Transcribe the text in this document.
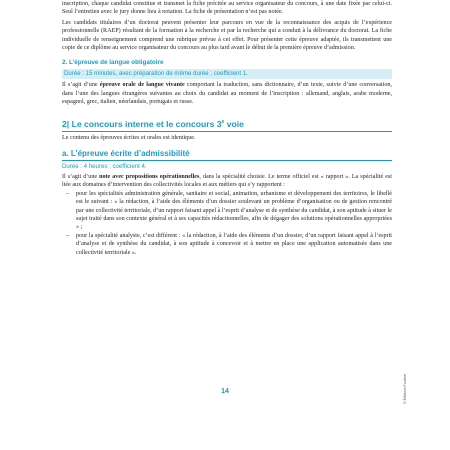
inscription, chaque candidat constitue et transmet la fiche précitée au service organisateur du concours, à une date fixée par celui-ci. Seul l’entretien avec le jury donne lieu à notation. La fiche de présentation n’est pas notée.

Les candidats titulaires d’un doctorat peuvent présenter leur parcours en vue de la reconnaissance des acquis de l’expérience professionnelle (RAEP) résultant de la formation à la recherche et par la recherche qui a conduit à la délivrance du doctorat. La fiche individuelle de renseignement comprend une rubrique prévue à cet effet. Pour présenter cette épreuve adaptée, ils transmettent une copie de ce diplôme au service organisateur du concours au plus tard avant le début de la première épreuve d’admission.

2. L’épreuve de langue obligatoire
Durée : 15 minutes, avec préparation de même durée ; coefficient 1.

Il s’agit d’une épreuve orale de langue vivante comportant la traduction, sans dictionnaire, d’un texte, suivie d’une conversation, dans l’une des langues étrangères suivantes au choix du candidat au moment de l’inscription : allemand, anglais, arabe moderne, espagnol, grec, italien, néerlandais, portugais et russe.

2| Le concours interne et le concours 3e voie

Le contenu des épreuves écrites et orales est identique.

a. L’épreuve écrite d’admissibilité
Durée : 4 heures ; coefficient 4.

Il s’agit d’une note avec propositions opérationnelles, dans la spécialité choisie. Le terme officiel est « rapport ». La spécialité est liée aux domaines d’intervention des collectivités locales et aux métiers qui s’y rapportent :

– pour les spécialités administration générale, sanitaire et social, animation, urbanisme et développement des territoires, le libellé est le suivant : « la rédaction, à l’aide des éléments d’un dossier soulevant un problème d’organisation ou de gestion rencontré par une collectivité territoriale, d’un rapport faisant appel à l’esprit d’analyse et de synthèse du candidat, à son aptitude à situer le sujet traité dans son contexte général et à ses capacités rédactionnelles, afin de dégager des solutions opérationnelles appropriées » ;
– pour la spécialité analyste, c’est différent : « la rédaction, à l’aide des éléments d’un dossier, d’un rapport faisant appel à l’esprit d’analyse et de synthèse du candidat, à son aptitude à concevoir et à mettre en place une application automatisée dans une collectivité territoriale ».
14	© Éditions Foucher
